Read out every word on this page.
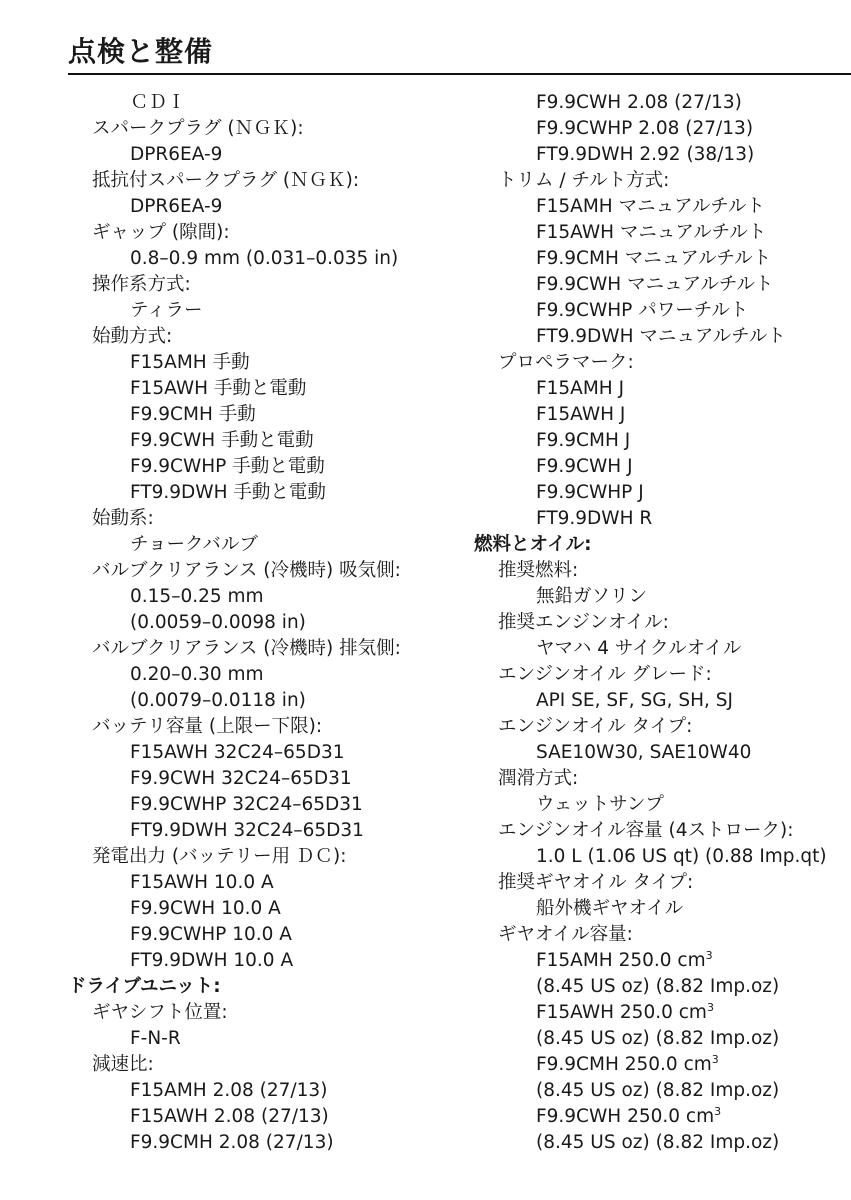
点検と整備
ＣＤＩ
スパークプラグ (ＮＧＫ):
DPR6EA-9
抵抗付スパークプラグ (ＮＧＫ):
DPR6EA-9
ギャップ (隙間):
0.8–0.9 mm (0.031–0.035 in)
操作系方式:
ティラー
始動方式:
F15AMH 手動
F15AWH 手動と電動
F9.9CMH 手動
F9.9CWH 手動と電動
F9.9CWHP 手動と電動
FT9.9DWH 手動と電動
始動系:
チョークバルブ
バルブクリアランス (冷機時) 吸気側:
0.15–0.25 mm
(0.0059–0.0098 in)
バルブクリアランス (冷機時) 排気側:
0.20–0.30 mm
(0.0079–0.0118 in)
バッテリ容量 (上限ー下限):
F15AWH 32C24–65D31
F9.9CWH 32C24–65D31
F9.9CWHP 32C24–65D31
FT9.9DWH 32C24–65D31
発電出力 (バッテリー用 ＤＣ):
F15AWH 10.0 A
F9.9CWH 10.0 A
F9.9CWHP 10.0 A
FT9.9DWH 10.0 A
ドライブユニット:
ギヤシフト位置:
F-N-R
減速比:
F15AMH 2.08 (27/13)
F15AWH 2.08 (27/13)
F9.9CMH 2.08 (27/13)
F9.9CWH 2.08 (27/13)
F9.9CWHP 2.08 (27/13)
FT9.9DWH 2.92 (38/13)
トリム / チルト方式:
F15AMH マニュアルチルト
F15AWH マニュアルチルト
F9.9CMH マニュアルチルト
F9.9CWH マニュアルチルト
F9.9CWHP パワーチルト
FT9.9DWH マニュアルチルト
プロペラマーク:
F15AMH J
F15AWH J
F9.9CMH J
F9.9CWH J
F9.9CWHP J
FT9.9DWH R
燃料とオイル:
推奨燃料:
無鉛ガソリン
推奨エンジンオイル:
ヤマハ 4 サイクルオイル
エンジンオイル グレード:
API SE, SF, SG, SH, SJ
エンジンオイル タイプ:
SAE10W30, SAE10W40
潤滑方式:
ウェットサンプ
エンジンオイル容量 (4ストローク):
1.0 L (1.06 US qt) (0.88 Imp.qt)
推奨ギヤオイル タイプ:
船外機ギヤオイル
ギヤオイル容量:
F15AMH 250.0 $cm^3$
(8.45 US oz) (8.82 Imp.oz)
F15AWH 250.0 $cm^3$
(8.45 US oz) (8.82 Imp.oz)
F9.9CMH 250.0 $cm^3$
(8.45 US oz) (8.82 Imp.oz)
F9.9CWH 250.0 $cm^3$
(8.45 US oz) (8.82 Imp.oz)
